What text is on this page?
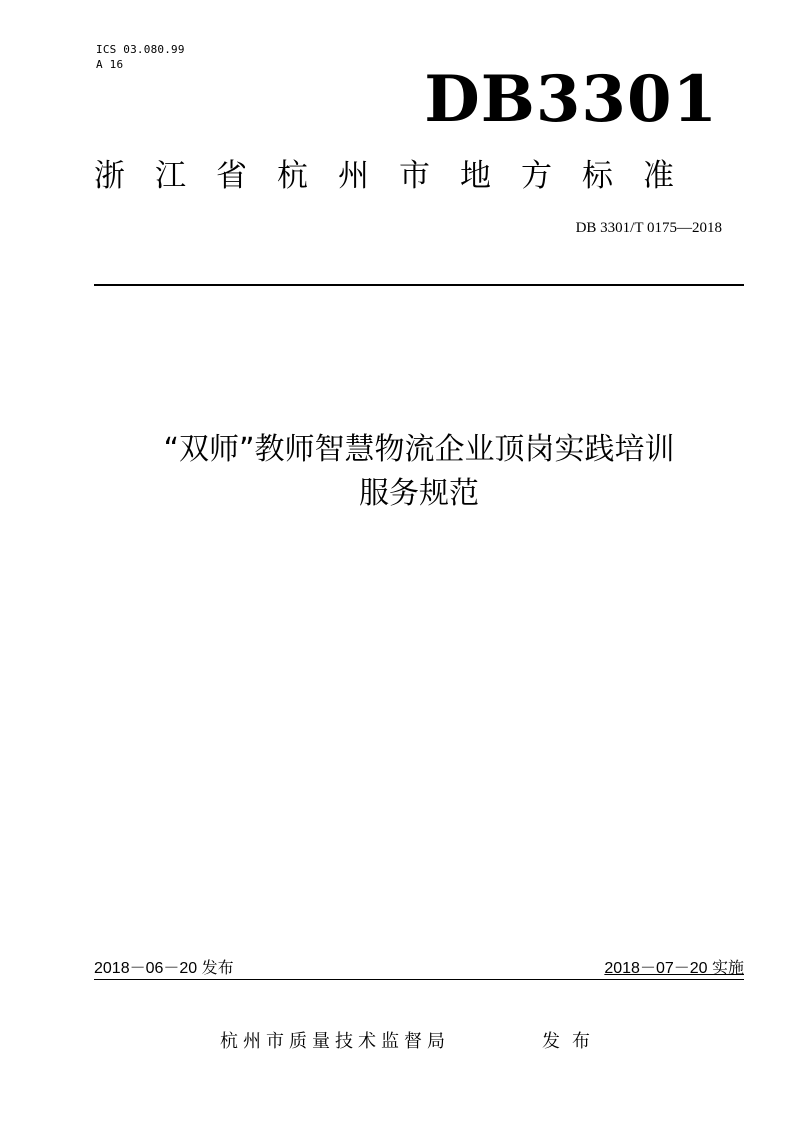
ICS 03.080.99
A 16	DB3301
浙江省杭州市地方标准
DB 3301/T 0175—2018
“双师”教师智慧物流企业顶岗实践培训
服务规范
2018－06－20 发布	2018－07－20 实施
杭州市质量技术监督局	发布
